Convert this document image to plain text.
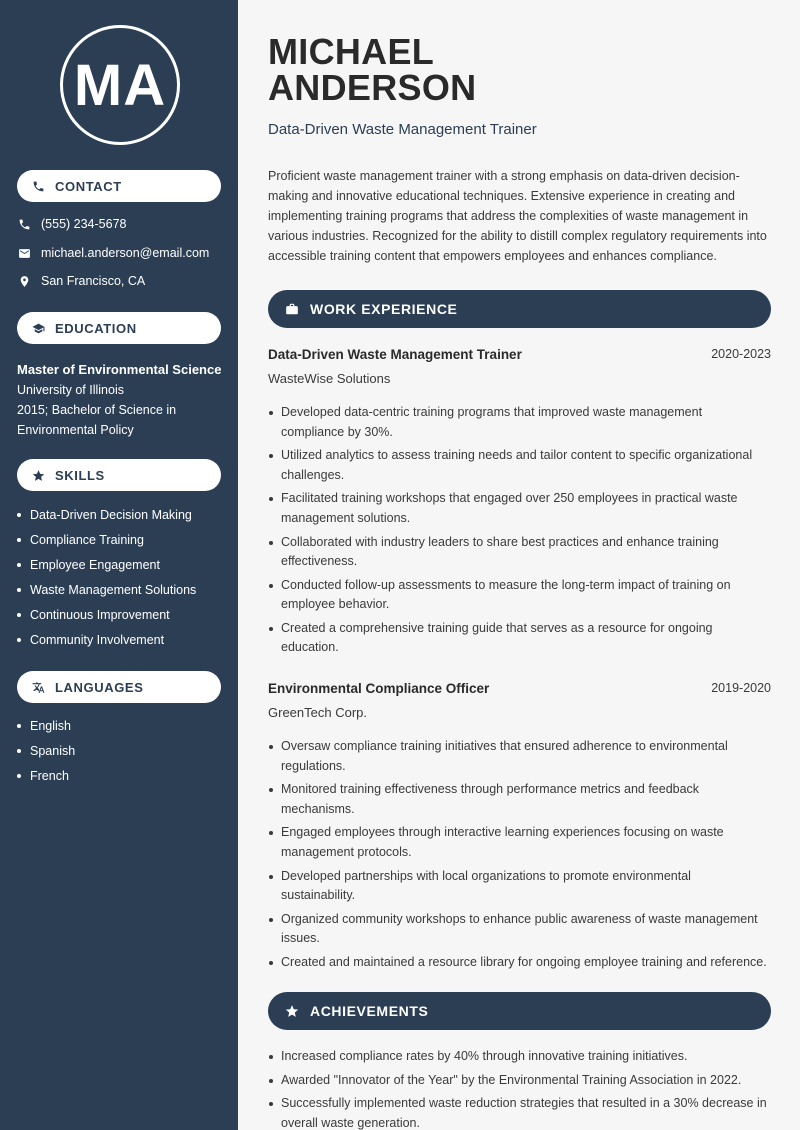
MA
CONTACT
(555) 234-5678
michael.anderson@email.com
San Francisco, CA
EDUCATION
Master of Environmental Science
University of Illinois
2015; Bachelor of Science in Environmental Policy
SKILLS
Data-Driven Decision Making
Compliance Training
Employee Engagement
Waste Management Solutions
Continuous Improvement
Community Involvement
LANGUAGES
English
Spanish
French
MICHAEL
ANDERSON
Data-Driven Waste Management Trainer
Proficient waste management trainer with a strong emphasis on data-driven decision-making and innovative educational techniques. Extensive experience in creating and implementing training programs that address the complexities of waste management in various industries. Recognized for the ability to distill complex regulatory requirements into accessible training content that empowers employees and enhances compliance.
WORK EXPERIENCE
Data-Driven Waste Management Trainer	2020-2023
WasteWise Solutions
Developed data-centric training programs that improved waste management compliance by 30%.
Utilized analytics to assess training needs and tailor content to specific organizational challenges.
Facilitated training workshops that engaged over 250 employees in practical waste management solutions.
Collaborated with industry leaders to share best practices and enhance training effectiveness.
Conducted follow-up assessments to measure the long-term impact of training on employee behavior.
Created a comprehensive training guide that serves as a resource for ongoing education.
Environmental Compliance Officer	2019-2020
GreenTech Corp.
Oversaw compliance training initiatives that ensured adherence to environmental regulations.
Monitored training effectiveness through performance metrics and feedback mechanisms.
Engaged employees through interactive learning experiences focusing on waste management protocols.
Developed partnerships with local organizations to promote environmental sustainability.
Organized community workshops to enhance public awareness of waste management issues.
Created and maintained a resource library for ongoing employee training and reference.
ACHIEVEMENTS
Increased compliance rates by 40% through innovative training initiatives.
Awarded "Innovator of the Year" by the Environmental Training Association in 2022.
Successfully implemented waste reduction strategies that resulted in a 30% decrease in overall waste generation.
